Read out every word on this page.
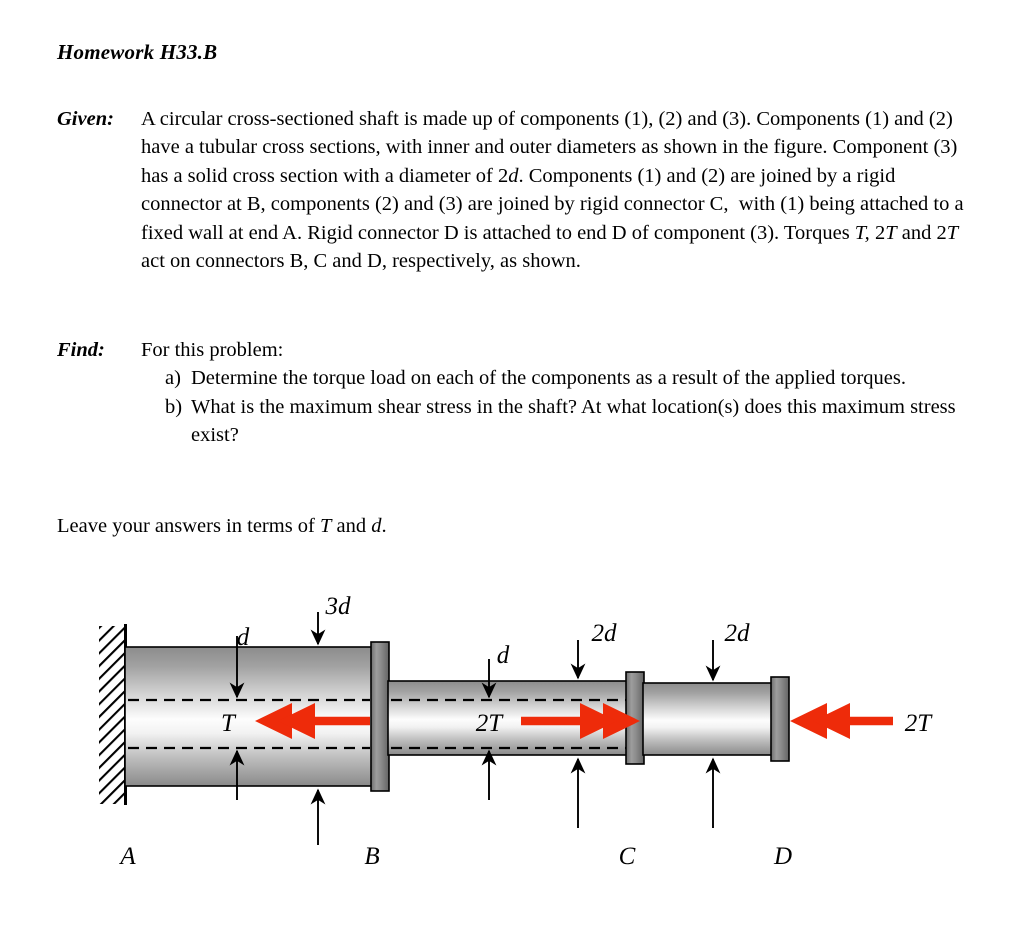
Homework H33.B
Given:	A circular cross-sectioned shaft is made up of components (1), (2) and (3). Components (1) and (2) have a tubular cross sections, with inner and outer diameters as shown in the figure. Component (3) has a solid cross section with a diameter of 2d. Components (1) and (2) are joined by a rigid connector at B, components (2) and (3) are joined by rigid connector C,  with (1) being attached to a fixed wall at end A. Rigid connector D is attached to end D of component (3). Torques T, 2T and 2T act on connectors B, C and D, respectively, as shown.

Find:	For this problem:

a) Determine the torque load on each of the components as a result of the applied torques.
b) What is the maximum shear stress in the shaft? At what location(s) does this maximum stress exist?
Leave your answers in terms of T and d.
d
3d
d
2d	2d
T	2T	2T
A	B	C	D
